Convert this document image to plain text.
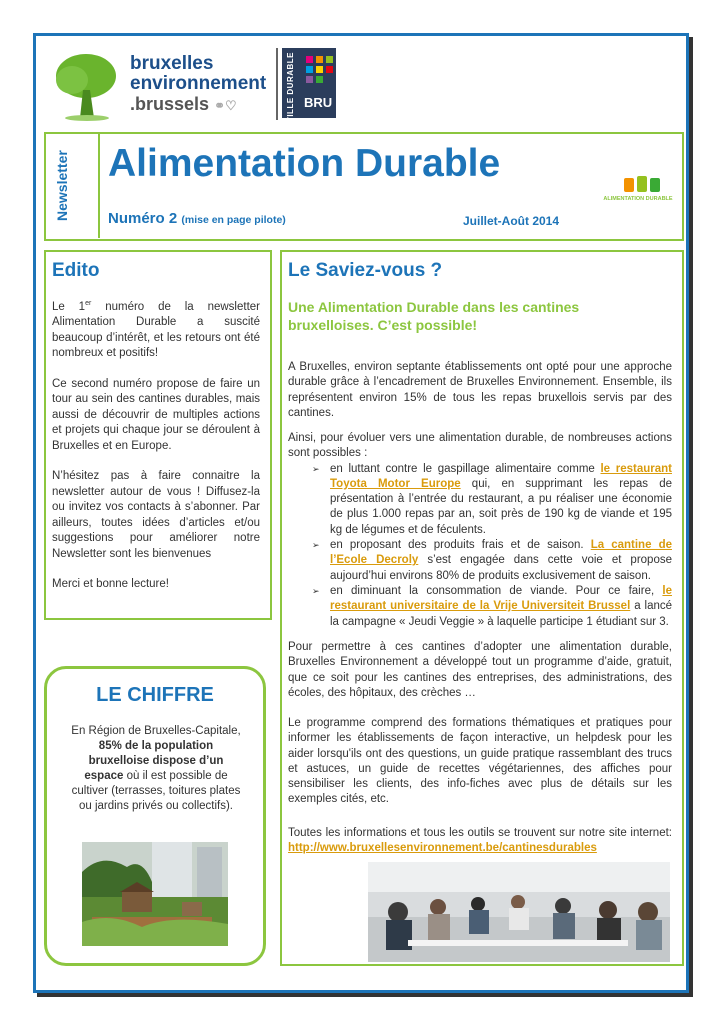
bruxelles
environnement
.brussels ⚭♡	VILLE DURABLE BRU
Newsletter Alimentation Durable
Numéro 2 (mise en page pilote)	Juillet-Août 2014
ALIMENTATION DURABLE
Edito

Le 1er numéro de la newsletter Alimentation Durable a suscité beaucoup d’intérêt, et les retours ont été nombreux et positifs!

Ce second numéro propose de faire un tour au sein des cantines durables, mais aussi de découvrir de multiples actions et projets qui chaque jour se déroulent à Bruxelles et en Europe.

N’hésitez pas à faire connaitre la newsletter autour de vous ! Diffusez-la ou invitez vos contacts à s’abonner. Par ailleurs, toutes idées d’articles et/ou suggestions pour améliorer notre Newsletter sont les bienvenues

Merci et bonne lecture!

LE CHIFFRE
En Région de Bruxelles-Capitale, 85% de la population bruxelloise dispose d’un espace où il est possible de cultiver (terrasses, toitures plates ou jardins privés ou collectifs).
Le Saviez-vous ?
Une Alimentation Durable dans les cantines bruxelloises. C’est possible!
A Bruxelles, environ septante établissements ont opté pour une approche durable grâce à l’encadrement de Bruxelles Environnement. Ensemble, ils représentent environ 15% de tous les repas bruxellois servis par des cantines.

Ainsi, pour évoluer vers une alimentation durable, de nombreuses actions sont possibles :

➢ en luttant contre le gaspillage alimentaire comme le restaurant Toyota Motor Europe qui, en supprimant les repas de présentation à l’entrée du restaurant, a pu réaliser une économie de plus 1.000 repas par an, soit près de 190 kg de viande et 195 kg de légumes et de féculents.
➢ en proposant des produits frais et de saison. La cantine de l’Ecole Decroly s’est engagée dans cette voie et propose aujourd’hui environs 80% de produits exclusivement de saison.
➢ en diminuant la consommation de viande. Pour ce faire, le restaurant universitaire de la Vrije Universiteit Brussel a lancé la campagne « Jeudi Veggie » à laquelle participe 1 étudiant sur 3.
Pour permettre à ces cantines d’adopter une alimentation durable, Bruxelles Environnement a développé tout un programme d’aide, gratuit, que ce soit pour les cantines des entreprises, des administrations, des écoles, des hôpitaux, des crèches …
Le programme comprend des formations thématiques et pratiques pour informer les établissements de façon interactive, un helpdesk pour les aider lorsqu'ils ont des questions, un guide pratique rassemblant des trucs et astuces, un guide de recettes végétariennes, des affiches pour sensibiliser les clients, des info-fiches avec plus de détails sur les exemples cités, etc.
Toutes les informations et tous les outils se trouvent sur notre site internet: http://www.bruxellesenvironnement.be/cantinesdurables
